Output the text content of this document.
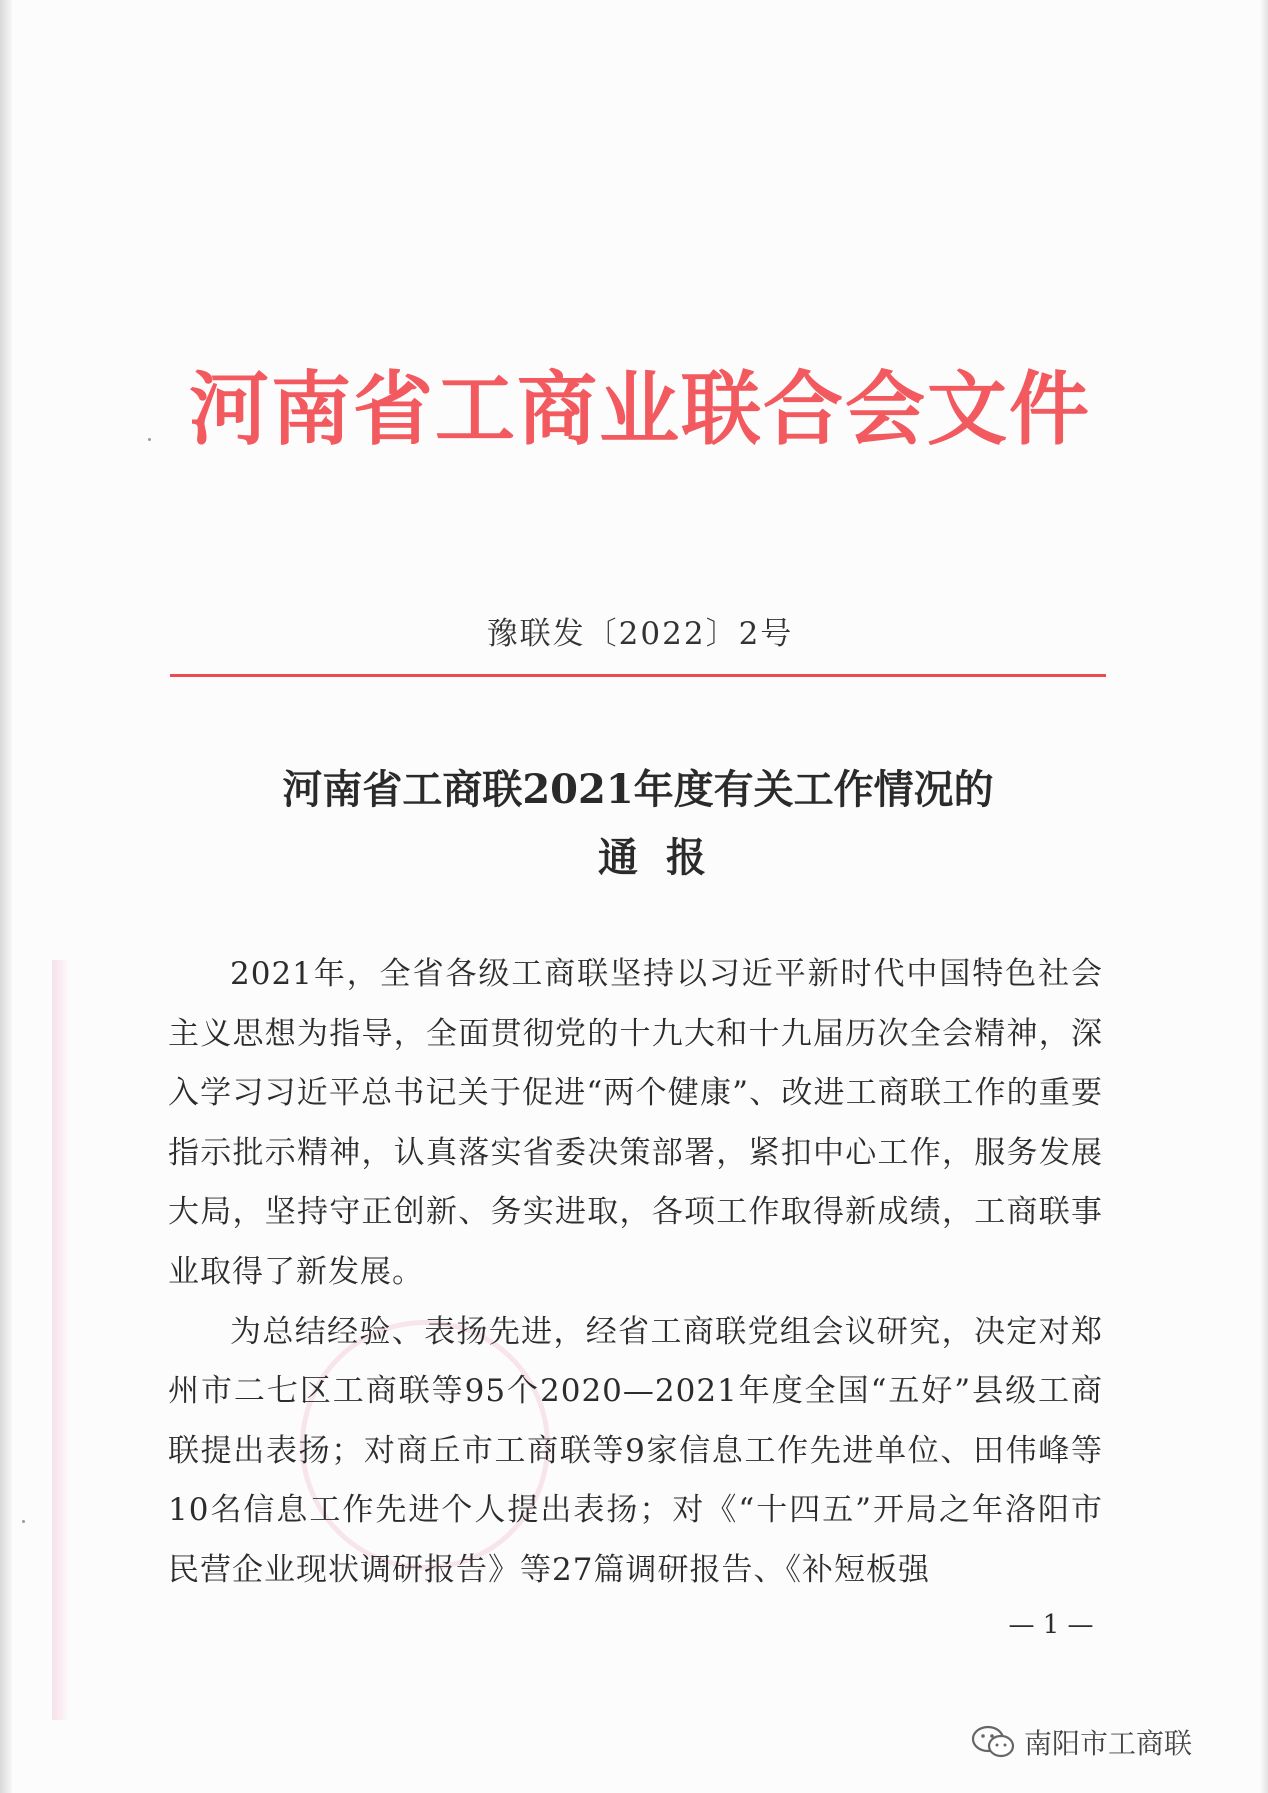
河南省工商业联合会文件
豫联发〔2022〕2号
河南省工商联2021年度有关工作情况的
通报

2021年，全省各级工商联坚持以习近平新时代中国特色社会主义思想为指导，全面贯彻党的十九大和十九届历次全会精神，深入学习习近平总书记关于促进“两个健康”、改进工商联工作的重要指示批示精神，认真落实省委决策部署，紧扣中心工作，服务发展大局，坚持守正创新、务实进取，各项工作取得新成绩，工商联事业取得了新发展。

为总结经验、表扬先进，经省工商联党组会议研究，决定对郑州市二七区工商联等95个2020—2021年度全国“五好”县级工商联提出表扬；对商丘市工商联等9家信息工作先进单位、田伟峰等10名信息工作先进个人提出表扬；对《“十四五”开局之年洛阳市民营企业现状调研报告》等27篇调研报告、《补短板强

— 1 —
南阳市工商联
